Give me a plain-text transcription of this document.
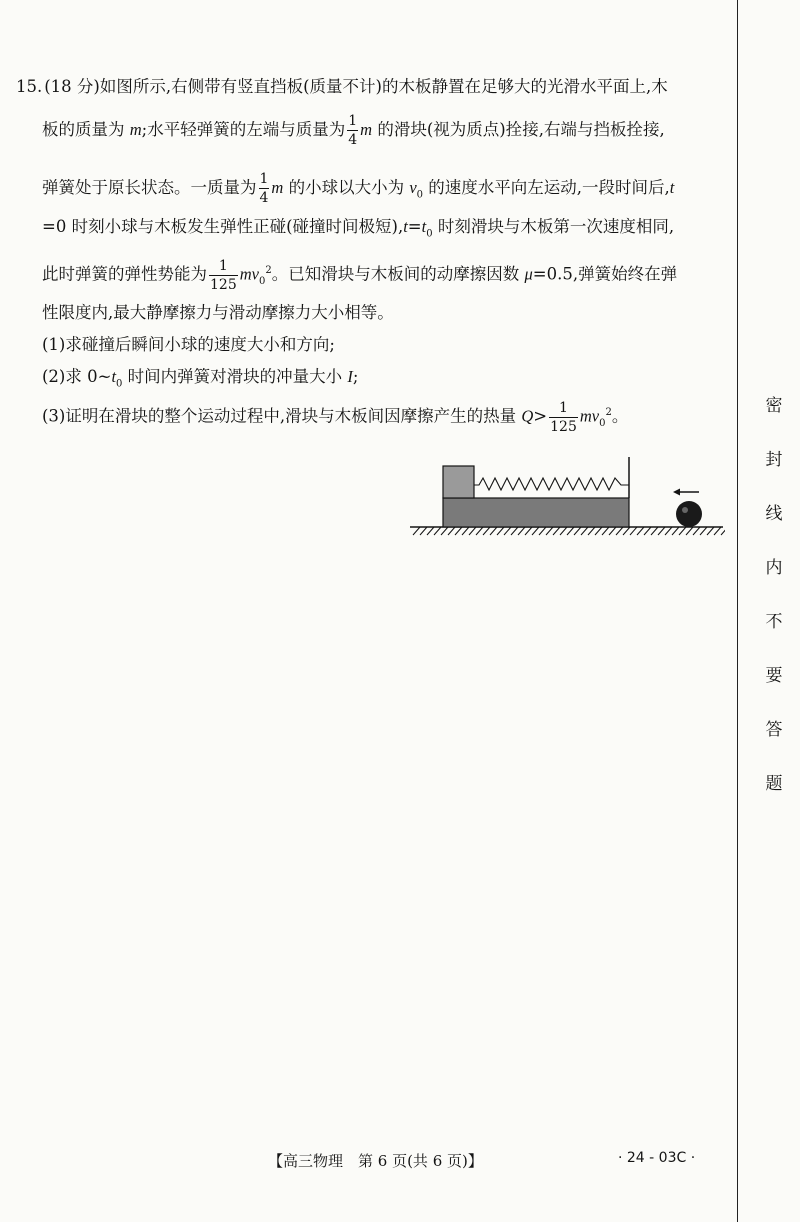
15. (18 分)如图所示,右侧带有竖直挡板(质量不计)的木板静置在足够大的光滑水平面上,木
板的质量为 m;水平轻弹簧的左端与质量为 $\frac{1}{4}$ m 的滑块(视为质点)拴接,右端与挡板拴接,
弹簧处于原长状态。一质量为 $\frac{1}{4}$ m 的小球以大小为 $v_0$ 的速度水平向左运动,一段时间后,t
=0 时刻小球与木板发生弹性正碰(碰撞时间极短)$,t=t_0$ 时刻滑块与木板第一次速度相同,
此时弹簧的弹性势能为 $\frac{1}{125} mv_0^2$。已知滑块与木板间的动摩擦因数 μ=0.5,弹簧始终在弹
性限度内,最大静摩擦力与滑动摩擦力大小相等。
(1)求碰撞后瞬间小球的速度大小和方向;
(2)求 $0\sim t_0$ 时间内弹簧对滑块的冲量大小 I;
(3)证明在滑块的整个运动过程中,滑块与木板间因摩擦产生的热量 $Q> \frac{1}{125} mv_0^2$。	密
封
线
内
不
要
答
题
【高三物理　第 6 页(共 6 页)】	· 24 - 03C ·
